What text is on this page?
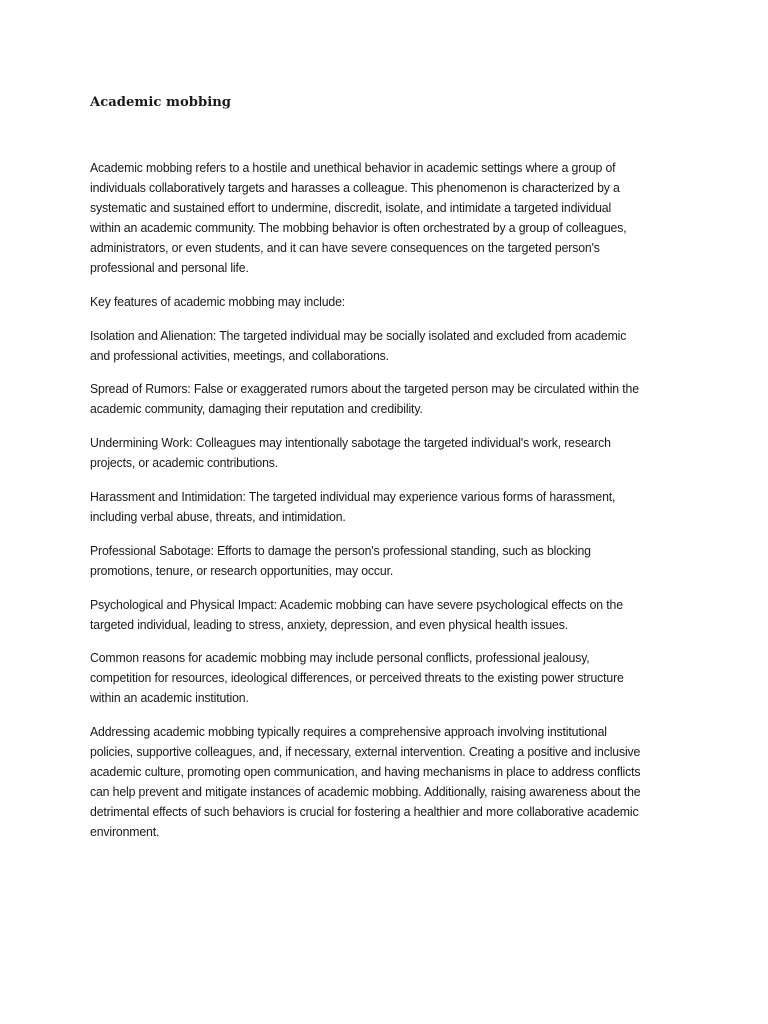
Academic mobbing

Academic mobbing refers to a hostile and unethical behavior in academic settings where a group ofindividuals collaboratively targets and harasses a colleague. This phenomenon is characterized by asystematic and sustained effort to undermine, discredit, isolate, and intimidate a targeted individualwithin an academic community. The mobbing behavior is often orchestrated by a group of colleagues,administrators, or even students, and it can have severe consequences on the targeted person'sprofessional and personal life.

Key features of academic mobbing may include:

Isolation and Alienation: The targeted individual may be socially isolated and excluded from academicand professional activities, meetings, and collaborations.

Spread of Rumors: False or exaggerated rumors about the targeted person may be circulated within theacademic community, damaging their reputation and credibility.

Undermining Work: Colleagues may intentionally sabotage the targeted individual's work, researchprojects, or academic contributions.

Harassment and Intimidation: The targeted individual may experience various forms of harassment,including verbal abuse, threats, and intimidation.

Professional Sabotage: Efforts to damage the person's professional standing, such as blockingpromotions, tenure, or research opportunities, may occur.

Psychological and Physical Impact: Academic mobbing can have severe psychological effects on thetargeted individual, leading to stress, anxiety, depression, and even physical health issues.

Common reasons for academic mobbing may include personal conflicts, professional jealousy,competition for resources, ideological differences, or perceived threats to the existing power structurewithin an academic institution.

Addressing academic mobbing typically requires a comprehensive approach involving institutionalpolicies, supportive colleagues, and, if necessary, external intervention. Creating a positive and inclusiveacademic culture, promoting open communication, and having mechanisms in place to address conflictscan help prevent and mitigate instances of academic mobbing. Additionally, raising awareness about thedetrimental effects of such behaviors is crucial for fostering a healthier and more collaborative academicenvironment.
